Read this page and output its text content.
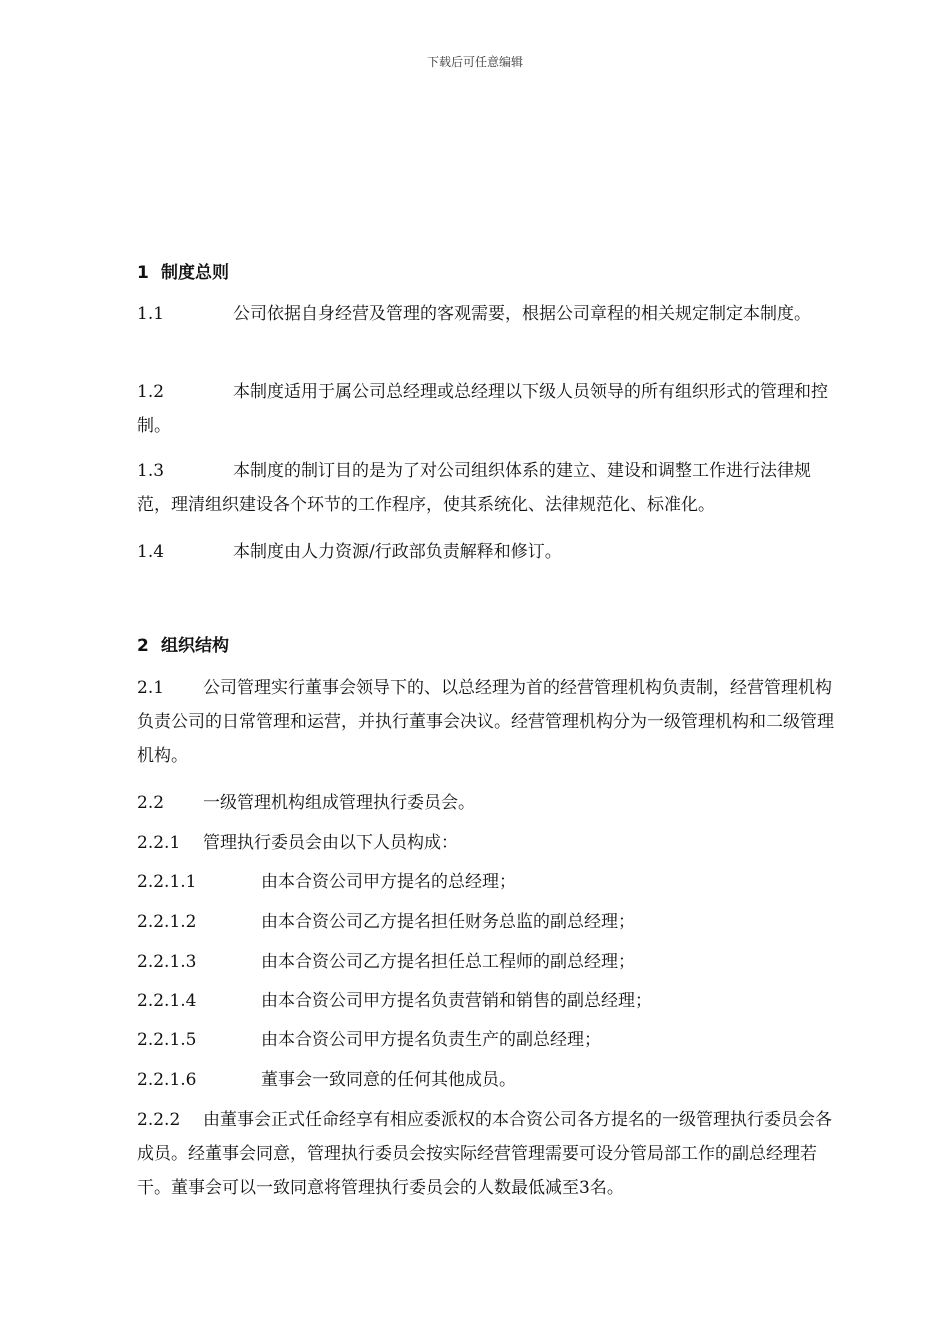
下载后可任意编辑
1 制度总则
1.1	公司依据自身经营及管理的客观需要，根据公司章程的相关规定制定本制度。
1.2	本制度适用于属公司总经理或总经理以下级人员领导的所有组织形式的管理和控制。
1.3	本制度的制订目的是为了对公司组织体系的建立、建设和调整工作进行法律规范，理清组织建设各个环节的工作程序，使其系统化、法律规范化、标准化。
1.4	本制度由人力资源/行政部负责解释和修订。
2 组织结构
2.1 公司管理实行董事会领导下的、以总经理为首的经营管理机构负责制，经营管理机构负责公司的日常管理和运营，并执行董事会决议。经营管理机构分为一级管理机构和二级管理机构。
2.2 一级管理机构组成管理执行委员会。
2.2.1 管理执行委员会由以下人员构成：
2.2.1.1	由本合资公司甲方提名的总经理；
2.2.1.2	由本合资公司乙方提名担任财务总监的副总经理；
2.2.1.3	由本合资公司乙方提名担任总工程师的副总经理；
2.2.1.4	由本合资公司甲方提名负责营销和销售的副总经理；
2.2.1.5	由本合资公司甲方提名负责生产的副总经理；
2.2.1.6	董事会一致同意的任何其他成员。
2.2.2 由董事会正式任命经享有相应委派权的本合资公司各方提名的一级管理执行委员会各成员。经董事会同意，管理执行委员会按实际经营管理需要可设分管局部工作的副总经理若干。董事会可以一致同意将管理执行委员会的人数最低减至3名。
